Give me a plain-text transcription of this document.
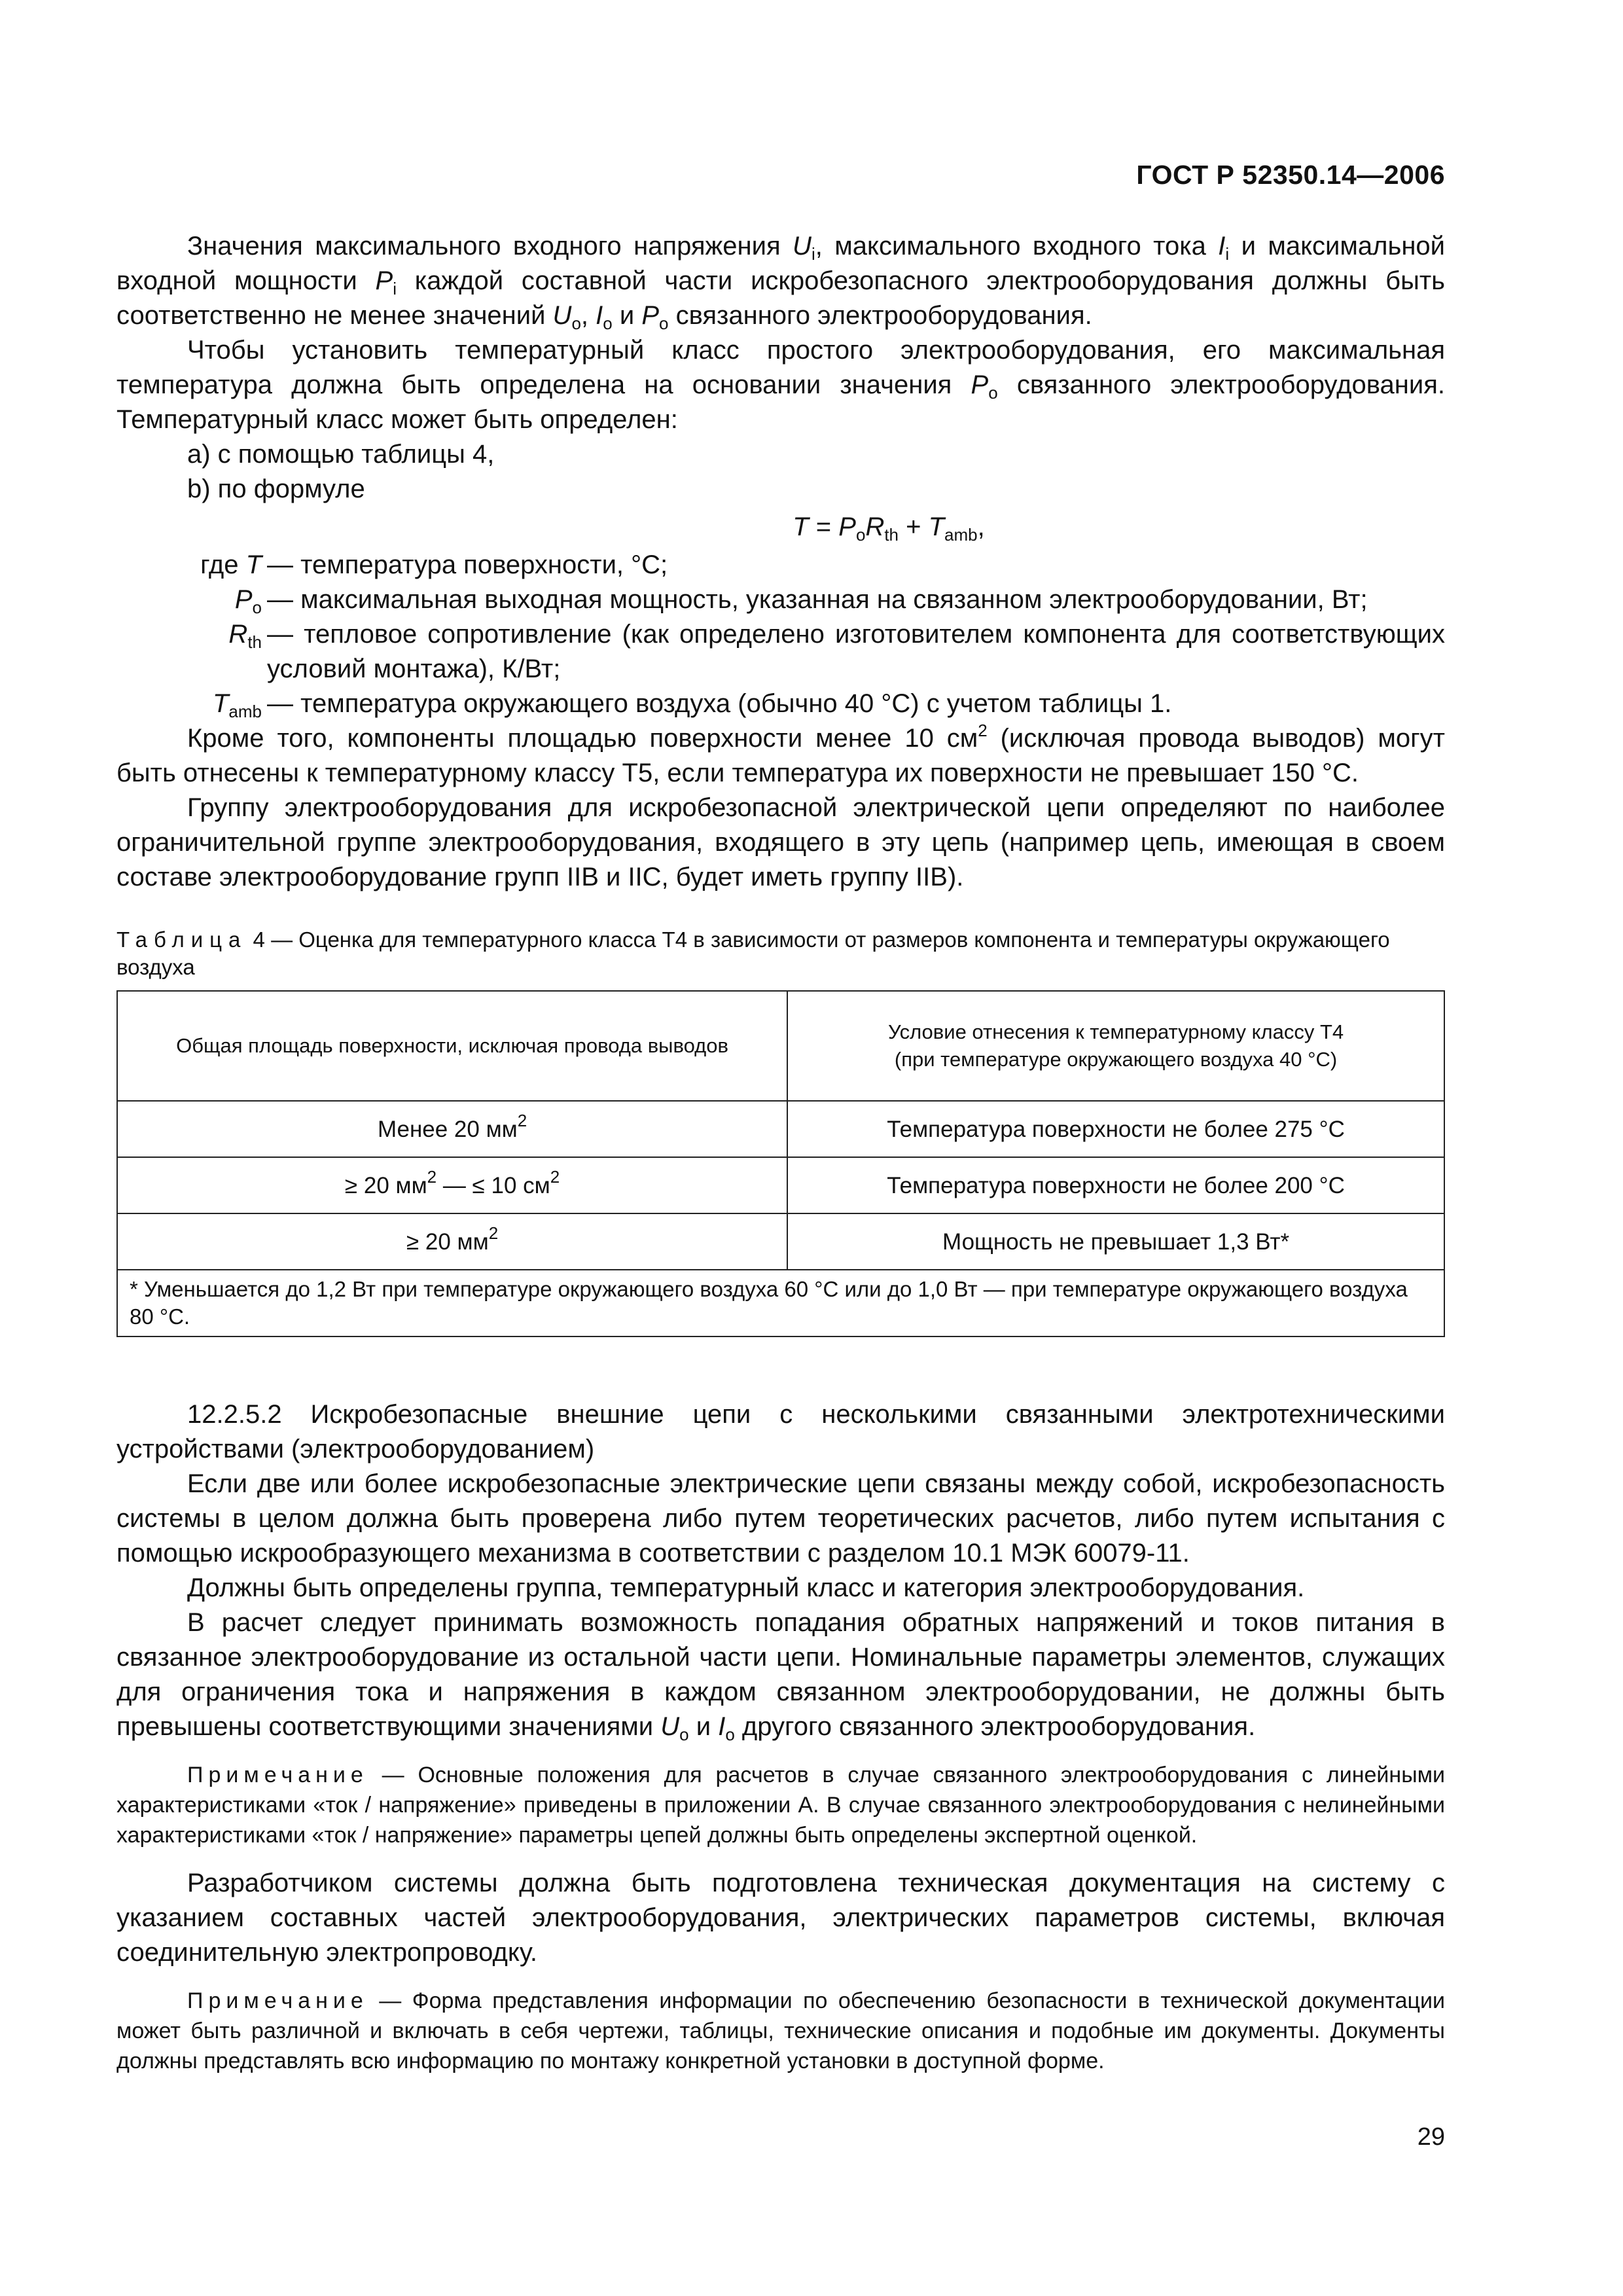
ГОСТ Р 52350.14—2006

Значения максимального входного напряжения $U_i$, максимального входного тока $I_i$ и максимальной входной мощности $P_i$ каждой составной части искробезопасного электрооборудования должны быть соответственно не менее значений $U_o$, $I_o$ и $P_o$ связанного электрооборудования.

Чтобы установить температурный класс простого электрооборудования, его максимальная температура должна быть определена на основании значения $P_o$ связанного электрооборудования. Температурный класс может быть определен:

а) с помощью таблицы 4,

b) по формуле

$T = P_oR_{th} + T_{amb}$,

где T — температура поверхности, °С;
$P_o$ — максимальная выходная мощность, указанная на связанном электрооборудовании, Вт;
$R_{th}$ — тепловое сопротивление (как определено изготовителем компонента для соответствующих условий монтажа), К/Вт;
$T_{amb}$ — температура окружающего воздуха (обычно 40 °С) с учетом таблицы 1.

Кроме того, компоненты площадью поверхности менее 10 $см^2$ (исключая провода выводов) могут быть отнесены к температурному классу Т5, если температура их поверхности не превышает 150 °С.

Группу электрооборудования для искробезопасной электрической цепи определяют по наиболее ограничительной группе электрооборудования, входящего в эту цепь (например цепь, имеющая в своем составе электрооборудование групп IIB и IIC, будет иметь группу IIB).

Таблица 4 — Оценка для температурного класса Т4 в зависимости от размеров компонента и температуры окружающего воздуха
Общая площадь поверхности, исключая провода выводов	Условие отнесения к температурному классу Т4
(при температуре окружающего воздуха 40 °С)
Менее 20 $мм^2$	Температура поверхности не более 275 °С
≥ 20 $мм^2$ — ≤ 10 $см^2$	Температура поверхности не более 200 °С
≥ 20 $мм^2$	Мощность не превышает 1,3 Вт*
* Уменьшается до 1,2 Вт при температуре окружающего воздуха 60 °С или до 1,0 Вт — при температуре окружающего воздуха 80 °С.	

12.2.5.2 Искробезопасные внешние цепи с несколькими связанными электротехническими устройствами (электрооборудованием)

Если две или более искробезопасные электрические цепи связаны между собой, искробезопасность системы в целом должна быть проверена либо путем теоретических расчетов, либо путем испытания с помощью искрообразующего механизма в соответствии с разделом 10.1 МЭК 60079-11.

Должны быть определены группа, температурный класс и категория электрооборудования.

В расчет следует принимать возможность попадания обратных напряжений и токов питания в связанное электрооборудование из остальной части цепи. Номинальные параметры элементов, служащих для ограничения тока и напряжения в каждом связанном электрооборудовании, не должны быть превышены соответствующими значениями $U_o$ и $I_o$ другого связанного электрооборудования.

Примечание — Основные положения для расчетов в случае связанного электрооборудования с линейными характеристиками «ток / напряжение» приведены в приложении А. В случае связанного электрооборудования с нелинейными характеристиками «ток / напряжение» параметры цепей должны быть определены экспертной оценкой.

Разработчиком системы должна быть подготовлена техническая документация на систему с указанием составных частей электрооборудования, электрических параметров системы, включая соединительную электропроводку.

Примечание — Форма представления информации по обеспечению безопасности в технической документации может быть различной и включать в себя чертежи, таблицы, технические описания и подобные им документы. Документы должны представлять всю информацию по монтажу конкретной установки в доступной форме.

29
